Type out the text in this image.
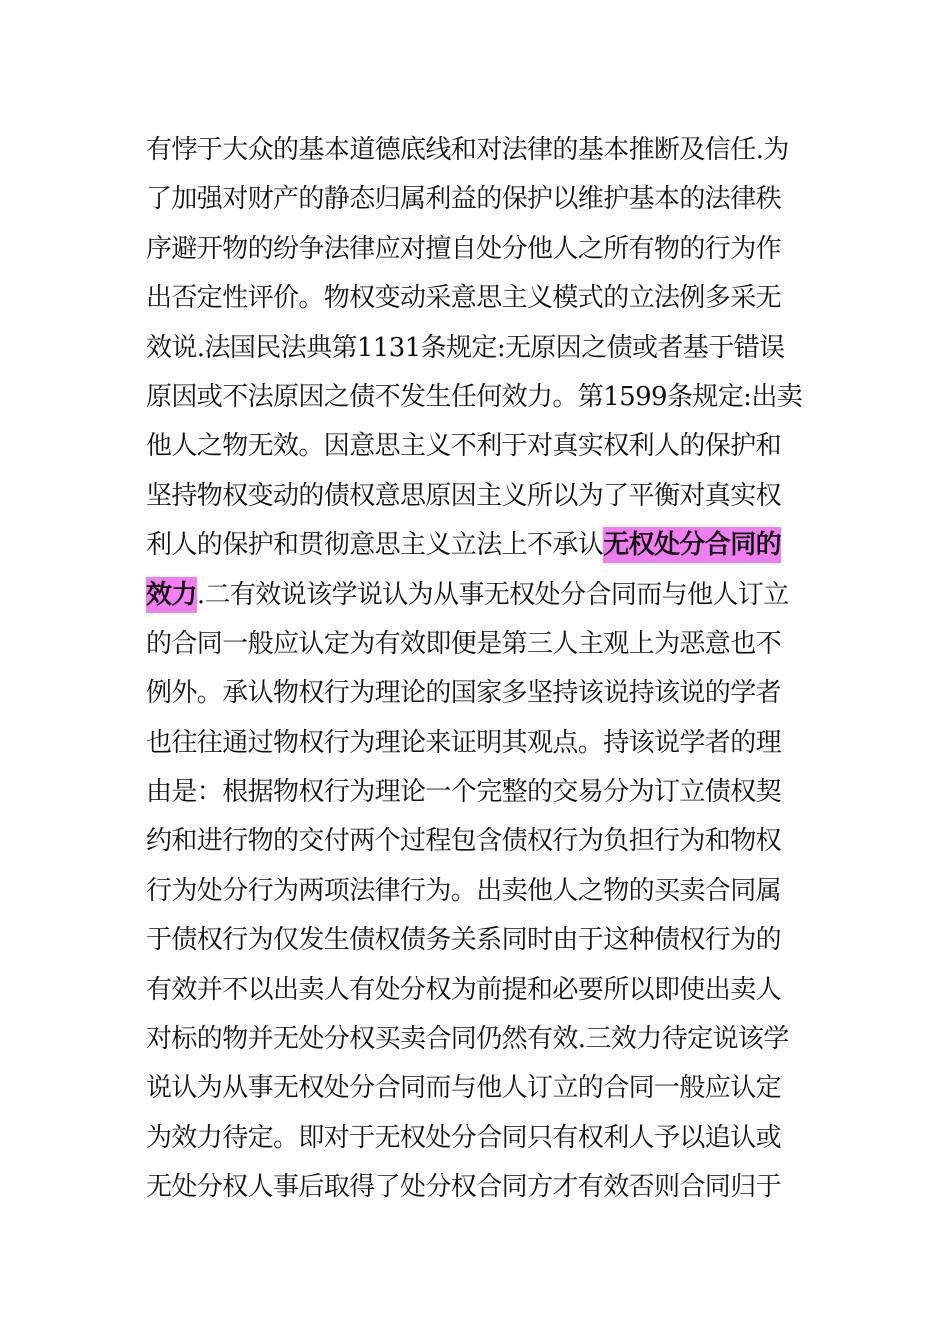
有悖于大众的基本道德底线和对法律的基本推断及信任.为
了加强对财产的静态归属利益的保护以维护基本的法律秩
序避开物的纷争法律应对擅自处分他人之所有物的行为作
出否定性评价。物权变动采意思主义模式的立法例多采无
效说.法国民法典第1131条规定:无原因之债或者基于错误
原因或不法原因之债不发生任何效力。第1599条规定:出卖
他人之物无效。因意思主义不利于对真实权利人的保护和
坚持物权变动的债权意思原因主义所以为了平衡对真实权
利人的保护和贯彻意思主义立法上不承认无权处分合同的
效力.二有效说该学说认为从事无权处分合同而与他人订立
的合同一般应认定为有效即便是第三人主观上为恶意也不
例外。承认物权行为理论的国家多坚持该说持该说的学者
也往往通过物权行为理论来证明其观点。持该说学者的理
由是：根据物权行为理论一个完整的交易分为订立债权契
约和进行物的交付两个过程包含债权行为负担行为和物权
行为处分行为两项法律行为。出卖他人之物的买卖合同属
于债权行为仅发生债权债务关系同时由于这种债权行为的
有效并不以出卖人有处分权为前提和必要所以即使出卖人
对标的物并无处分权买卖合同仍然有效.三效力待定说该学
说认为从事无权处分合同而与他人订立的合同一般应认定
为效力待定。即对于无权处分合同只有权利人予以追认或
无处分权人事后取得了处分权合同方才有效否则合同归于
